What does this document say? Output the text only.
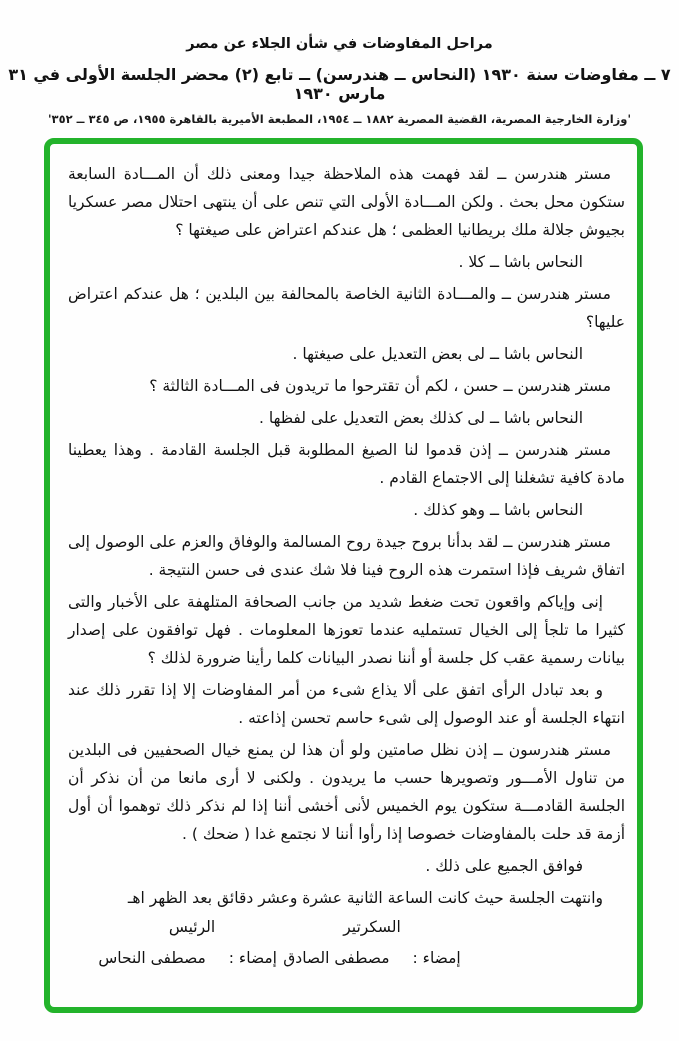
مراحل المفاوضات في شأن الجلاء عن مصر

٧ ــ مفاوضات سنة ١٩٣٠ (النحاس ــ هندرسن) ــ تابع (٢) محضر الجلسة الأولى في ٣١ مارس ١٩٣٠

'وزارة الخارجية المصرية، القضية المصرية ١٨٨٢ ــ ١٩٥٤، المطبعة الأميرية بالقاهرة ١٩٥٥، ص ٣٤٥ ــ ٣٥٢'

مستر هندرسن ــ لقد فهمت هذه الملاحظة جيدا ومعنى ذلك أن المـــادة السابعة ستكون محل بحث . ولكن المـــادة الأولى التي تنص على أن ينتهى احتلال مصر عسكريا بجيوش جلالة ملك بريطانيا العظمى ؛ هل عندكم اعتراض على صيغتها ؟

النحاس باشا ــ كلا .

مستر هندرسن ــ والمـــادة الثانية الخاصة بالمحالفة بين البلدين ؛ هل عندكم اعتراض عليها؟

النحاس باشا ــ لى بعض التعديل على صيغتها .

مستر هندرسن ــ حسن ، لكم أن تقترحوا ما تريدون فى المـــادة الثالثة ؟

النحاس باشا ــ لى كذلك بعض التعديل على لفظها .

مستر هندرسن ــ إذن قدموا لنا الصيغ المطلوبة قبل الجلسة القادمة . وهذا يعطينا مادة كافية تشغلنا إلى الاجتماع القادم .

النحاس باشا ــ وهو كذلك .

مستر هندرسن ــ لقد بدأنا بروح جيدة روح المسالمة والوفاق والعزم على الوصول إلى اتفاق شريف فإذا استمرت هذه الروح فينا فلا شك عندى فى حسن النتيجة .

إنى وإياكم واقعون تحت ضغط شديد من جانب الصحافة المتلهفة على الأخبار والتى كثيرا ما تلجأ إلى الخيال تستمليه عندما تعوزها المعلومات . فهل توافقون على إصدار بيانات رسمية عقب كل جلسة أو أننا نصدر البيانات كلما رأينا ضرورة لذلك ؟

و بعد تبادل الرأى اتفق على ألا يذاع شىء من أمر المفاوضات إلا إذا تقرر ذلك عند انتهاء الجلسة أو عند الوصول إلى شىء حاسم تحسن إذاعته .

مستر هندرسون ــ إذن نظل صامتين ولو أن هذا لن يمنع خيال الصحفيين فى البلدين من تناول الأمـــور وتصويرها حسب ما يريدون . ولكنى لا أرى مانعا من أن نذكر أن الجلسة القادمـــة ستكون يوم الخميس لأنى أخشى أننا إذا لم نذكر ذلك توهموا أن أول أزمة قد حلت بالمفاوضات خصوصا إذا رأوا أننا لا نجتمع غدا ( ضحك ) .

فوافق الجميع على ذلك .

وانتهت الجلسة حيث كانت الساعة الثانية عشرة وعشر دقائق بعد الظهر اهـ

السكرتير
إمضاء : مصطفى الصادق
الرئيس
إمضاء : مصطفى النحاس
